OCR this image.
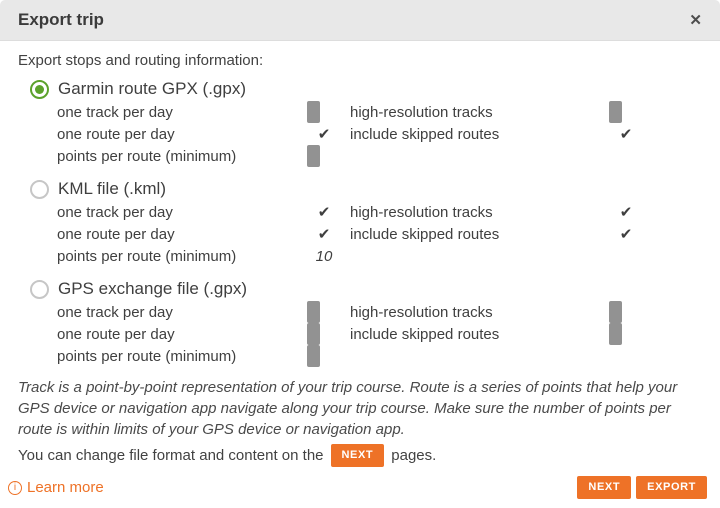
Export trip	✕
Export stops and routing information:
Garmin route GPX (.gpx)
one track per day	high-resolution tracks
one route per day	✔	include skipped routes	✔
points per route (minimum)
KML file (.kml)
one track per day	✔	high-resolution tracks	✔
one route per day	✔	include skipped routes	✔
points per route (minimum)	10
GPS exchange file (.gpx)
one track per day	high-resolution tracks
one route per day	include skipped routes
points per route (minimum)
Track is a point-by-point representation of your trip course. Route is a series of points that help your GPS device or navigation app navigate along your trip course. Make sure the number of points per route is within limits of your GPS device or navigation app.
You can change file format and content on the	NEXT	pages.
i Learn more	NEXT	EXPORT
